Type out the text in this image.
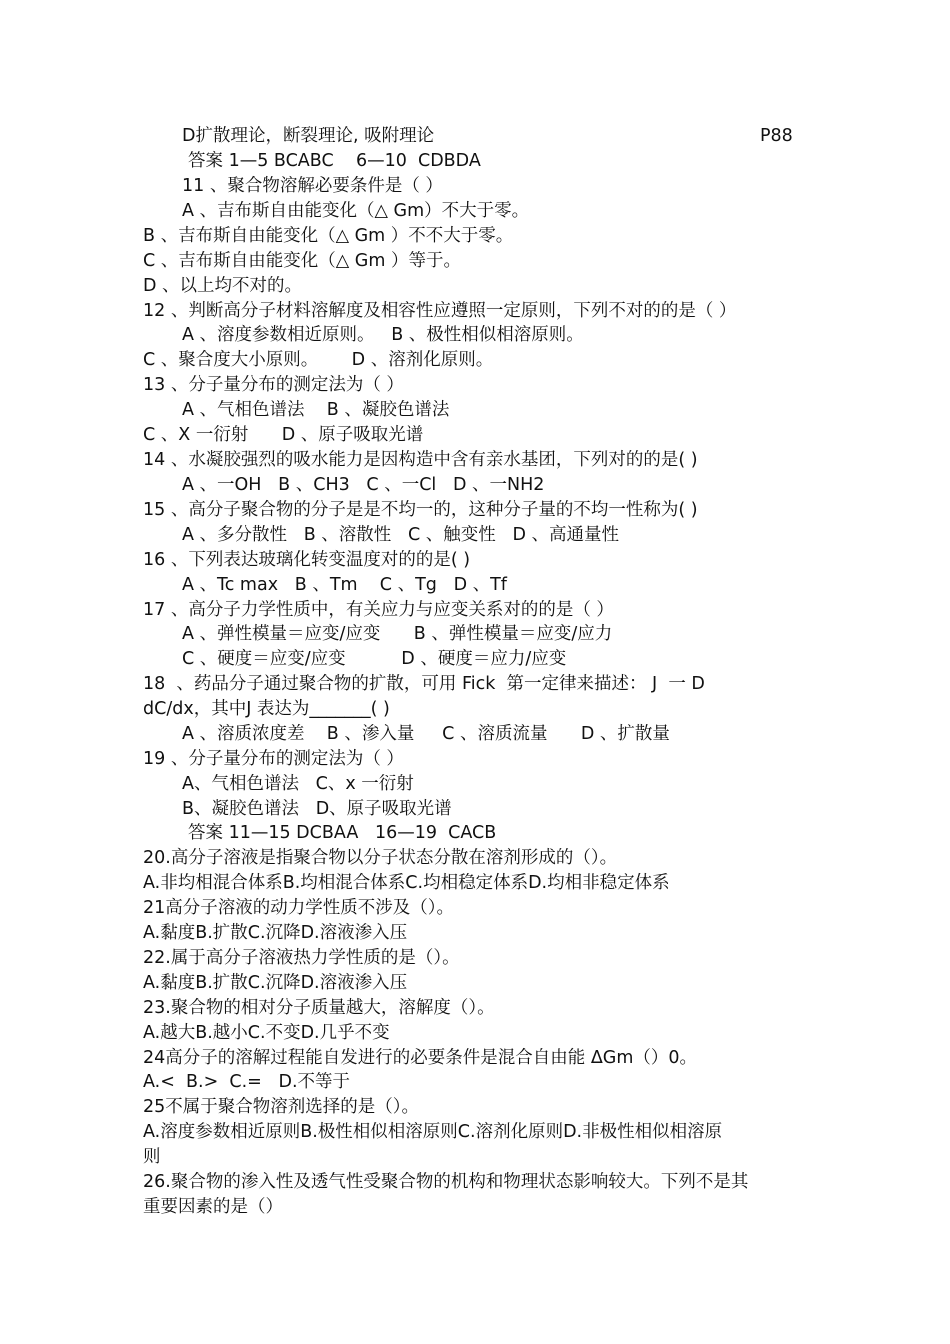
D扩散理论，断裂理论, 吸附理论	P88
答案 1—5 BCABC    6—10  CDBDA
11 、聚合物溶解必要条件是（ ）
A 、吉布斯自由能变化（△ Gm）不大于零。
B 、吉布斯自由能变化（△ Gm ）不不大于零。
C 、吉布斯自由能变化（△ Gm ）等于。
D 、以上均不对的。
12 、判断高分子材料溶解度及相容性应遵照一定原则，下列不对的的是（ ）
A 、溶度参数相近原则。   B 、极性相似相溶原则。
C 、聚合度大小原则。      D 、溶剂化原则。
13 、分子量分布的测定法为（ ）
A 、气相色谱法    B 、凝胶色谱法
C 、X 一衍射      D 、原子吸取光谱
14 、水凝胶强烈的吸水能力是因构造中含有亲水基团，下列对的的是( )
A 、一OH   B 、CH3   C 、一Cl   D 、一NH2
15 、高分子聚合物的分子是是不均一的，这种分子量的不均一性称为( )
A 、多分散性   B 、溶散性   C 、触变性   D 、高通量性
16 、下列表达玻璃化转变温度对的的是( )
A 、Tc max   B 、Tm    C 、Tg   D 、Tf
17 、高分子力学性质中，有关应力与应变关系对的的是（ ）
A 、弹性模量＝应变/应变      B 、弹性模量＝应变/应力
C 、硬度＝应变/应变          D 、硬度＝应力/应变
18  、药品分子通过聚合物的扩散，可用 Fick  第一定律来描述： J  一 D
dC/dx，其中J 表达为_______( )
A 、溶质浓度差    B 、渗入量     C 、溶质流量      D 、扩散量
19 、分子量分布的测定法为（ ）
A、气相色谱法   C、x 一衍射
B、凝胶色谱法   D、原子吸取光谱
答案 11—15 DCBAA   16—19  CACB
20.高分子溶液是指聚合物以分子状态分散在溶剂形成的（）。
A.非均相混合体系B.均相混合体系C.均相稳定体系D.均相非稳定体系
21高分子溶液的动力学性质不涉及（）。
A.黏度B.扩散C.沉降D.溶液渗入压
22.属于高分子溶液热力学性质的是（）。
A.黏度B.扩散C.沉降D.溶液渗入压
23.聚合物的相对分子质量越大，溶解度（）。
A.越大B.越小C.不变D.几乎不变
24高分子的溶解过程能自发进行的必要条件是混合自由能 ΔGm（）0。
A.<  B.>  C.=   D.不等于
25不属于聚合物溶剂选择的是（）。
A.溶度参数相近原则B.极性相似相溶原则C.溶剂化原则D.非极性相似相溶原
则
26.聚合物的渗入性及透气性受聚合物的机构和物理状态影响较大。下列不是其
重要因素的是（）
